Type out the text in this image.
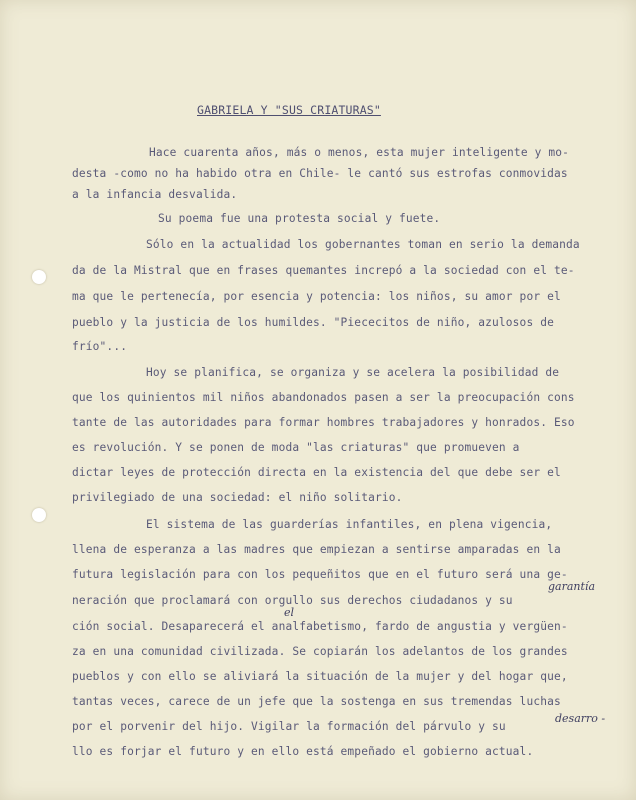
GABRIELA Y "SUS CRIATURAS"

Hace cuarenta años, más o menos, esta mujer inteligente y mo-

desta -como no ha habido otra en Chile- le cantó sus estrofas conmovidas

a la infancia desvalida.

Su poema fue una protesta social y fuete.

Sólo en la actualidad los gobernantes toman en serio la demanda

da de la Mistral que en frases quemantes increpó a la sociedad con el te-

ma que le pertenecía, por esencia y potencia: los niños, su amor por el

pueblo y la justicia de los humildes. "Piececitos de niño, azulosos de

frío"...

Hoy se planifica, se organiza y se acelera la posibilidad de

que los quinientos mil niños abandonados pasen a ser la preocupación cons

tante de las autoridades para formar hombres trabajadores y honrados. Eso

es revolución. Y se ponen de moda "las criaturas" que promueven a

dictar leyes de protección directa en la existencia del que debe ser el

privilegiado de una sociedad: el niño solitario.

El sistema de las guarderías infantiles, en plena vigencia,

llena de esperanza a las madres que empiezan a sentirse amparadas en la

futura legislación para con los pequeñitos que en el futuro será una ge-

neración que proclamará con orgullo sus derechos ciudadanos y su

ción social. Desaparecerá el analfabetismo, fardo de angustia y vergüen-

za en una comunidad civilizada. Se copiarán los adelantos de los grandes

pueblos y con ello se aliviará la situación de la mujer y del hogar que,

tantas veces, carece de un jefe que la sostenga en sus tremendas luchas

por el porvenir del hijo. Vigilar la formación del párvulo y su

llo es forjar el futuro y en ello está empeñado el gobierno actual.

garantía

el

desarro -
